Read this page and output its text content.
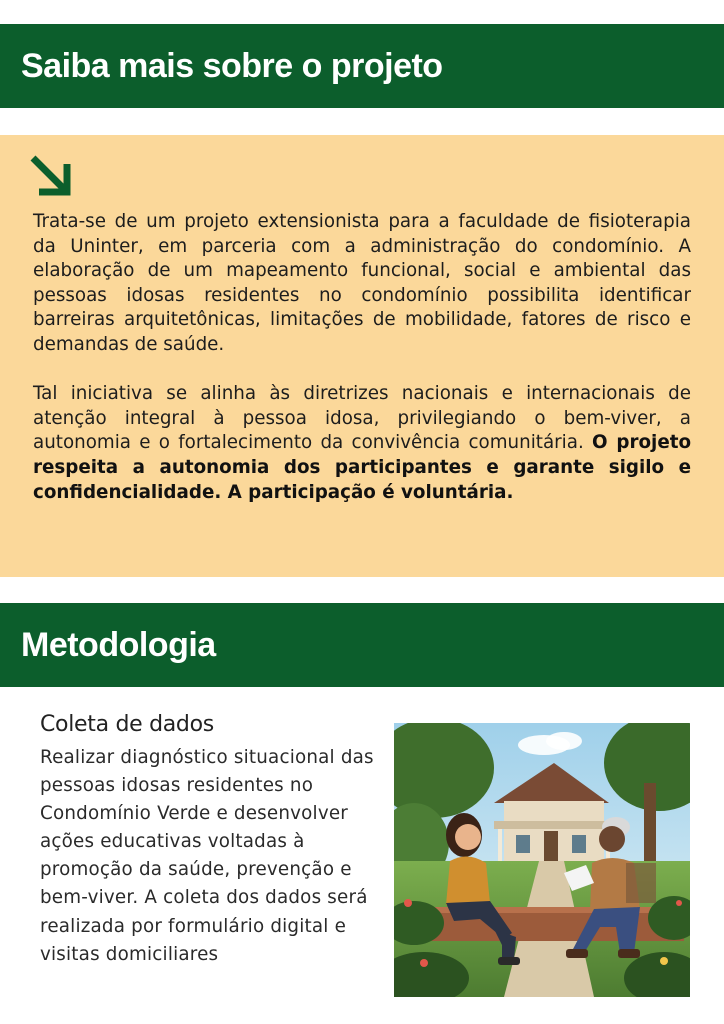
Saiba mais sobre o projeto

Trata-se de um projeto extensionista para a faculdade de fisioterapia da Uninter, em parceria com a administração do condomínio. A elaboração de um mapeamento funcional, social e ambiental das pessoas idosas residentes no condomínio possibilita identificar barreiras arquitetônicas, limitações de mobilidade, fatores de risco e demandas de saúde.

Tal iniciativa se alinha às diretrizes nacionais e internacionais de atenção integral à pessoa idosa, privilegiando o bem-viver, a autonomia e o fortalecimento da convivência comunitária. O projeto respeita a autonomia dos participantes e garante sigilo e confidencialidade. A participação é voluntária.

Metodologia
Coleta de dados

Realizar diagnóstico situacional das pessoas idosas residentes no Condomínio Verde e desenvolver ações educativas voltadas à promoção da saúde, prevenção e bem-viver. A coleta dos dados será realizada por formulário digital e visitas domiciliares
